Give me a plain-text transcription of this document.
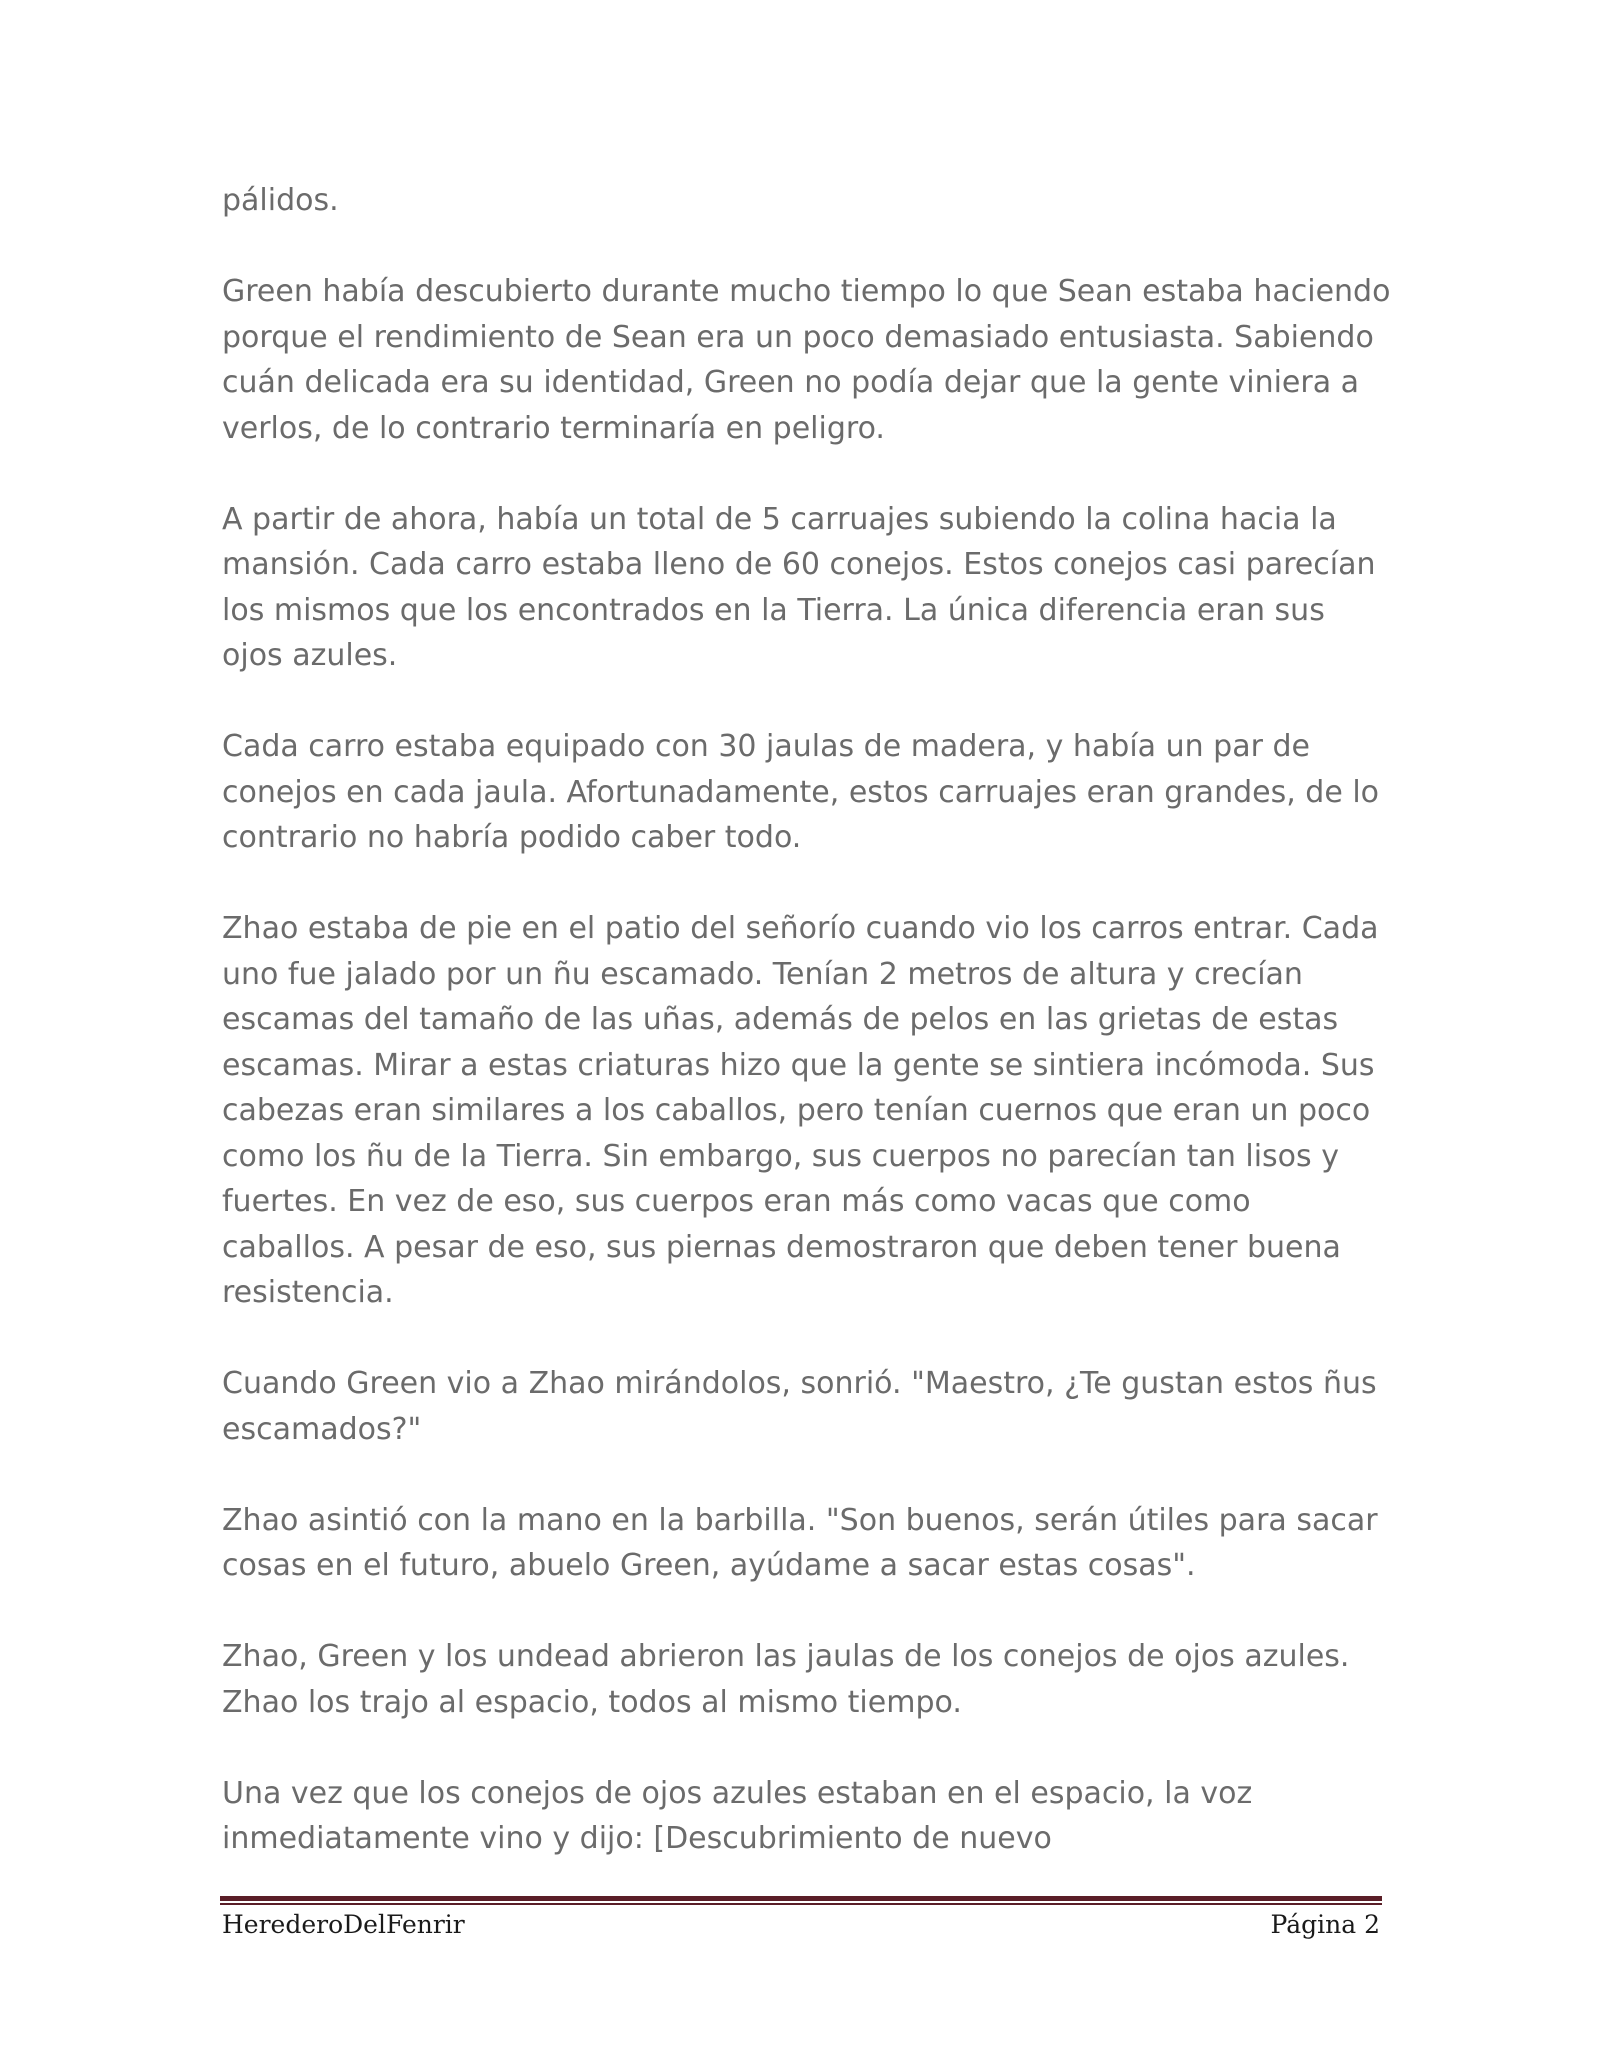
pálidos.

Green había descubierto durante mucho tiempo lo que Sean estaba haciendo porque el rendimiento de Sean era un poco demasiado entusiasta. Sabiendo cuán delicada era su identidad, Green no podía dejar que la gente viniera a verlos, de lo contrario terminaría en peligro.

A partir de ahora, había un total de 5 carruajes subiendo la colina hacia la mansión. Cada carro estaba lleno de 60 conejos. Estos conejos casi parecían los mismos que los encontrados en la Tierra. La única diferencia eran sus ojos azules.

Cada carro estaba equipado con 30 jaulas de madera, y había un par de conejos en cada jaula. Afortunadamente, estos carruajes eran grandes, de lo contrario no habría podido caber todo.

Zhao estaba de pie en el patio del señorío cuando vio los carros entrar. Cada uno fue jalado por un ñu escamado. Tenían 2 metros de altura y crecían escamas del tamaño de las uñas, además de pelos en las grietas de estas escamas. Mirar a estas criaturas hizo que la gente se sintiera incómoda. Sus cabezas eran similares a los caballos, pero tenían cuernos que eran un poco como los ñu de la Tierra. Sin embargo, sus cuerpos no parecían tan lisos y fuertes. En vez de eso, sus cuerpos eran más como vacas que como caballos. A pesar de eso, sus piernas demostraron que deben tener buena resistencia.

Cuando Green vio a Zhao mirándolos, sonrió. "Maestro, ¿Te gustan estos ñus escamados?"

Zhao asintió con la mano en la barbilla. "Son buenos, serán útiles para sacar cosas en el futuro, abuelo Green, ayúdame a sacar estas cosas".

Zhao, Green y los undead abrieron las jaulas de los conejos de ojos azules. Zhao los trajo al espacio, todos al mismo tiempo.

Una vez que los conejos de ojos azules estaban en el espacio, la voz inmediatamente vino y dijo: [Descubrimiento de nuevo

HerederoDelFenrir	Página 2
